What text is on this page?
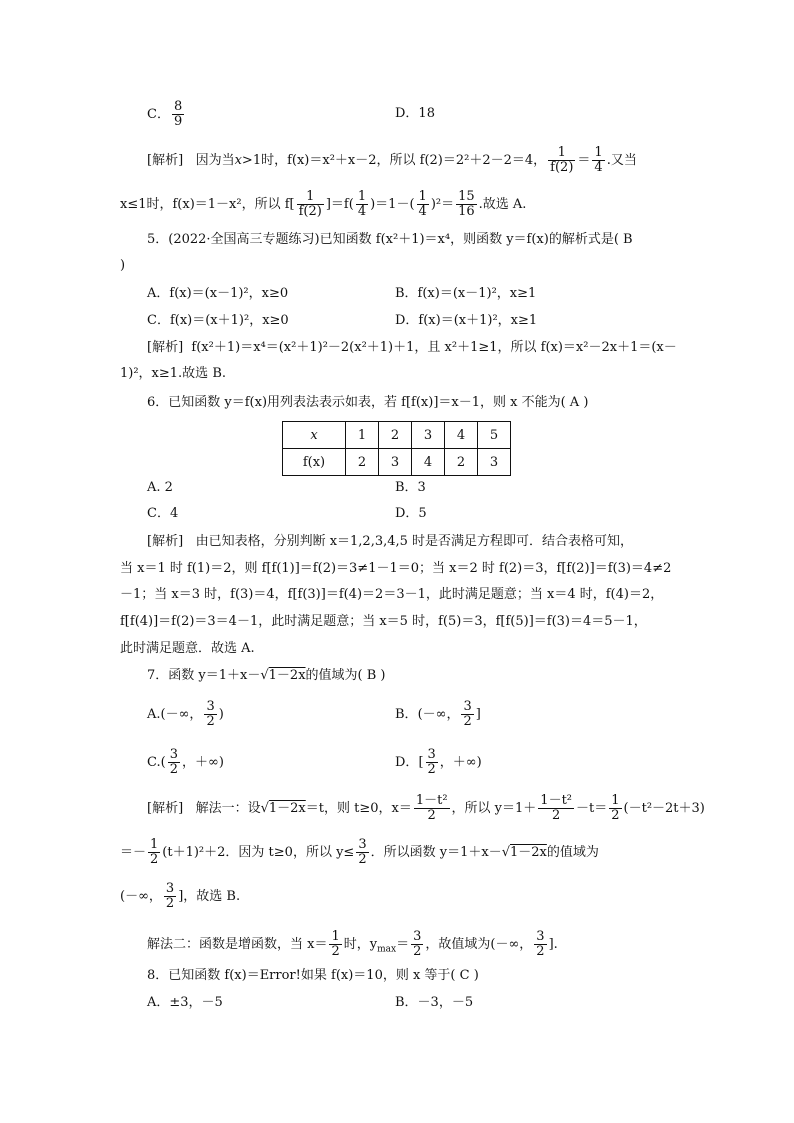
C． $\frac{8}{9}$	D．18
[解析] 因为当x>1时，f(x)＝x²＋x－2，所以 f(2)＝2²＋2－2＝4， $\frac{1}{f(2)} = \frac{1}{4}$ .又当
x≤1时，f(x)＝1－x²，所以 $f[ \frac{1}{f(2)} ]=f( \frac{1}{4} )=1-( \frac{1}{4} )^2= \frac{15}{16}$ .故选 A.
5．(2022·全国高三专题练习)已知函数 f(x²＋1)＝x⁴，则函数 y＝f(x)的解析式是( B
)
A．f(x)＝(x－1)²，x≥0	B．f(x)＝(x－1)²，x≥1
C．f(x)＝(x＋1)²，x≥0	D．f(x)＝(x＋1)²，x≥1
[解析] f(x²＋1)＝x⁴＝(x²＋1)²－2(x²＋1)＋1，且 x²＋1≥1，所以 f(x)＝x²－2x＋1＝(x－
1)²，x≥1.故选 B.
6．已知函数 y＝f(x)用列表法表示如表，若 f[f(x)]＝x－1，则 x 不能为( A )
x	1	2	3	4	5
f(x)	2	3	4	2	3
A. 2	B．3
C．4	D．5
[解析] 由已知表格，分别判断 x＝1,2,3,4,5 时是否满足方程即可．结合表格可知，
当 x＝1 时 f(1)＝2，则 f[f(1)]＝f(2)＝3≠1－1＝0；当 x＝2 时 f(2)＝3，f[f(2)]＝f(3)＝4≠2
－1；当 x＝3 时，f(3)＝4，f[f(3)]＝f(4)＝2＝3－1，此时满足题意；当 x＝4 时，f(4)＝2，
f[f(4)]＝f(2)＝3＝4－1，此时满足题意；当 x＝5 时，f(5)＝3，f[f(5)]＝f(3)＝4＝5－1，
此时满足题意．故选 A.
7．函数 y＝1＋x－√1－2x的值域为( B )
A.(－∞， $\frac{3}{2}$ )	B．(－∞， $\frac{3}{2}$ ]
$C.( \frac{3}{2}$ ，＋∞)	D．[ $\frac{3}{2}$ ，＋∞)
[解析] 解法一：设√1－2x＝t，则 t≥0，$x= \frac{\text{1－t²}}{2}$ ，所以 $y=1+ \frac{\text{1－t²}}{2} -t= \frac{1}{2} (-t^2-2t+3)$
＝－ $\frac{1}{2} (t+1)^2+2$．因为 t≥0，所以 $y\le \frac{3}{2}$ ．所以函数 y＝1＋x－√1－2x的值域为
(－∞， $\frac{3}{2}$ ]，故选 B.
解法二：函数是增函数，当 $x= \frac{1}{2}$ 时，$y_{max}= \frac{3}{2}$ ，故值域为(－∞， $\frac{3}{2}$ ].
8．已知函数 f(x)＝Error!如果 f(x)＝10，则 x 等于( C )
A．±3，－5	B．－3，－5
